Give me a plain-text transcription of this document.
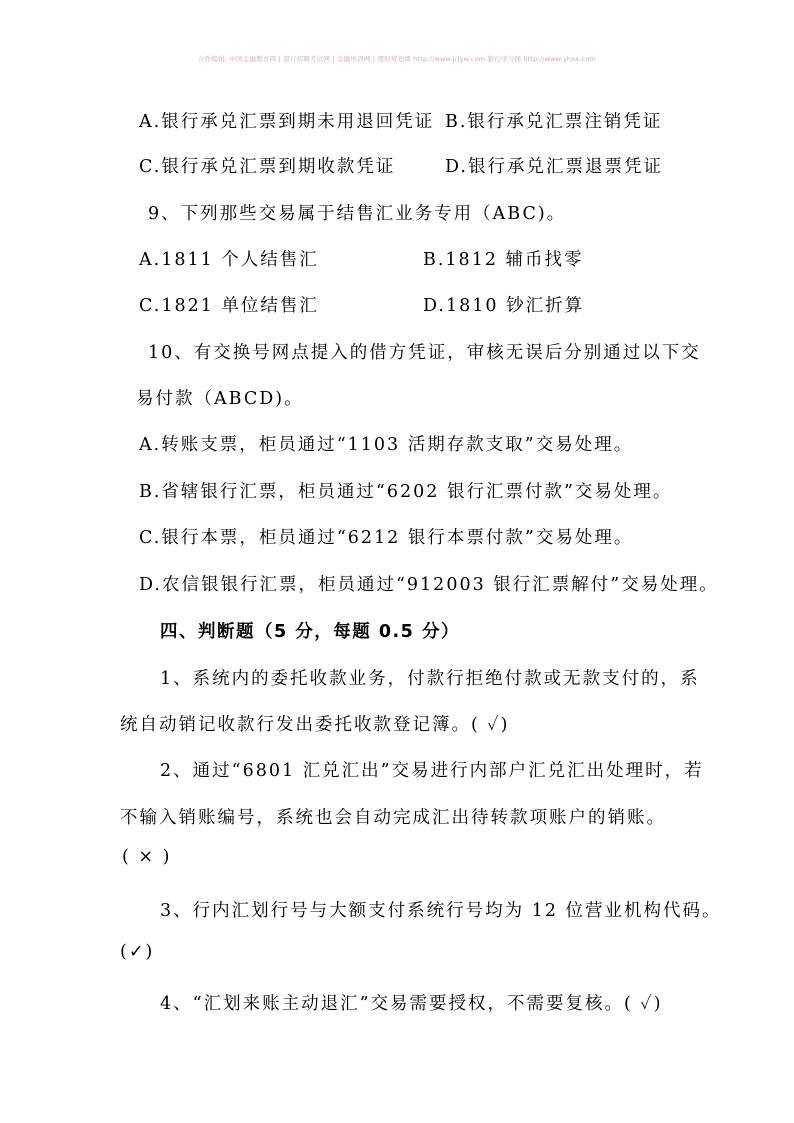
合作编辑: 中国金融教育网 | 银行招聘考试网 | 金融培训网 | 理财规划师 http://www.jrjyw.com 银行学习网 http://www.yhxx.com
A.银行承兑汇票到期未用退回凭证 B.银行承兑汇票注销凭证
C.银行承兑汇票到期收款凭证	D.银行承兑汇票退票凭证
9、下列那些交易属于结售汇业务专用（ABC)。
A.1811 个人结售汇	B.1812 辅币找零
C.1821 单位结售汇	D.1810 钞汇折算
10、有交换号网点提入的借方凭证，审核无误后分别通过以下交
易付款（ABCD)。
A.转账支票，柜员通过“1103 活期存款支取”交易处理。
B.省辖银行汇票，柜员通过“6202 银行汇票付款”交易处理。
C.银行本票，柜员通过“6212 银行本票付款”交易处理。
D.农信银银行汇票，柜员通过“912003 银行汇票解付”交易处理。
四、判断题（5 分，每题 0.5 分）
1、系统内的委托收款业务，付款行拒绝付款或无款支付的，系
统自动销记收款行发出委托收款登记簿。( ✓)
2、通过“6801 汇兑汇出”交易进行内部户汇兑汇出处理时，若
不输入销账编号，系统也会自动完成汇出待转款项账户的销账。
( × )
3、行内汇划行号与大额支付系统行号均为 12 位营业机构代码。
(✓)
4、“汇划来账主动退汇”交易需要授权，不需要复核。( ✓)
